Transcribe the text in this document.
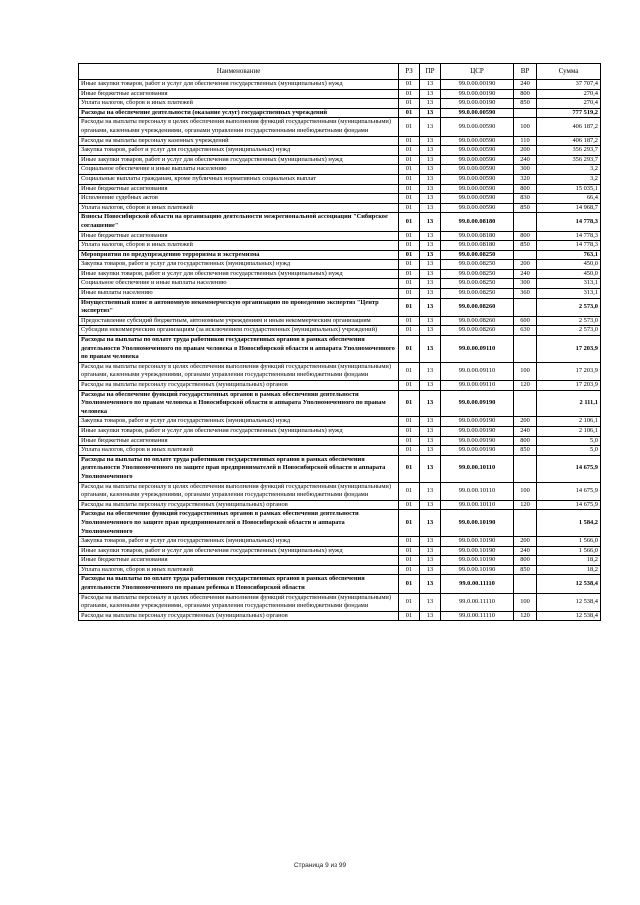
Наименование	РЗ	ПР	ЦСР	ВР	Сумма
Иные закупки товаров, работ и услуг для обеспечения государственных (муниципальных) нужд	01	13	99.0.00.00190	240	37 707,4
Иные бюджетные ассигнования	01	13	99.0.00.00190	800	270,4
Уплата налогов, сборов и иных платежей	01	13	99.0.00.00190	850	270,4
Расходы на обеспечение деятельности (оказание услуг) государственных учреждений	01	13	99.0.00.00590		777 519,2
Расходы на выплаты персоналу в целях обеспечения выполнения функций государственными (муниципальными) органами, казенными учреждениями, органами управления государственными внебюджетными фондами	01	13	99.0.00.00590	100	406 187,2
Расходы на выплаты персоналу казенных учреждений	01	13	99.0.00.00590	110	406 187,2
Закупка товаров, работ и услуг для государственных (муниципальных) нужд	01	13	99.0.00.00590	200	356 293,7
Иные закупки товаров, работ и услуг для обеспечения государственных (муниципальных) нужд	01	13	99.0.00.00590	240	356 293,7
Социальное обеспечение и иные выплаты населению	01	13	99.0.00.00590	300	3,2
Социальные выплаты гражданам, кроме публичных нормативных социальных выплат	01	13	99.0.00.00590	320	3,2
Иные бюджетные ассигнования	01	13	99.0.00.00590	800	15 035,1
Исполнение судебных актов	01	13	99.0.00.00590	830	66,4
Уплата налогов, сборов и иных платежей	01	13	99.0.00.00590	850	14 968,7
Взносы Новосибирской области на организацию деятельности межрегиональной ассоциации "Сибирское соглашение"	01	13	99.0.00.08180		14 778,3
Иные бюджетные ассигнования	01	13	99.0.00.08180	800	14 778,3
Уплата налогов, сборов и иных платежей	01	13	99.0.00.08180	850	14 778,3
Мероприятия по предупреждению терроризма и экстремизма	01	13	99.0.00.08250		763,1
Закупка товаров, работ и услуг для государственных (муниципальных) нужд	01	13	99.0.00.08250	200	450,0
Иные закупки товаров, работ и услуг для обеспечения государственных (муниципальных) нужд	01	13	99.0.00.08250	240	450,0
Социальное обеспечение и иные выплаты населению	01	13	99.0.00.08250	300	313,1
Иные выплаты населению	01	13	99.0.00.08250	360	313,1
Имущественный взнос в автономную некоммерческую организацию по проведению экспертиз "Центр экспертиз"	01	13	99.0.00.08260		2 573,0
Предоставление субсидий бюджетным, автономным учреждениям и иным некоммерческим организациям	01	13	99.0.00.08260	600	2 573,0
Субсидии некоммерческим организациям (за исключением государственных (муниципальных) учреждений)	01	13	99.0.00.08260	630	2 573,0
Расходы на выплаты по оплате труда работников государственных органов в рамках обеспечения деятельности Уполномоченного по правам человека в Новосибирской области и аппарата Уполномоченного по правам человека	01	13	99.0.00.09110		17 203,9
Расходы на выплаты персоналу в целях обеспечения выполнения функций государственными (муниципальными) органами, казенными учреждениями, органами управления государственными внебюджетными фондами	01	13	99.0.00.09110	100	17 203,9
Расходы на выплаты персоналу государственных (муниципальных) органов	01	13	99.0.00.09110	120	17 203,9
Расходы на обеспечение функций государственных органов в рамках обеспечения деятельности Уполномоченного по правам человека в Новосибирской области и аппарата Уполномоченного по правам человека	01	13	99.0.00.09190		2 111,1
Закупка товаров, работ и услуг для государственных (муниципальных) нужд	01	13	99.0.00.09190	200	2 106,1
Иные закупки товаров, работ и услуг для обеспечения государственных (муниципальных) нужд	01	13	99.0.00.09190	240	2 106,1
Иные бюджетные ассигнования	01	13	99.0.00.09190	800	5,0
Уплата налогов, сборов и иных платежей	01	13	99.0.00.09190	850	5,0
Расходы на выплаты по оплате труда работников государственных органов в рамках обеспечения деятельности Уполномоченного по защите прав предпринимателей в Новосибирской области и аппарата Уполномоченного	01	13	99.0.00.10110		14 675,9
Расходы на выплаты персоналу в целях обеспечения выполнения функций государственными (муниципальными) органами, казенными учреждениями, органами управления государственными внебюджетными фондами	01	13	99.0.00.10110	100	14 675,9
Расходы на выплаты персоналу государственных (муниципальных) органов	01	13	99.0.00.10110	120	14 675,9
Расходы на обеспечение функций государственных органов в рамках обеспечения деятельности Уполномоченного по защите прав предпринимателей в Новосибирской области и аппарата Уполномоченного	01	13	99.0.00.10190		1 584,2
Закупка товаров, работ и услуг для государственных (муниципальных) нужд	01	13	99.0.00.10190	200	1 566,0
Иные закупки товаров, работ и услуг для обеспечения государственных (муниципальных) нужд	01	13	99.0.00.10190	240	1 566,0
Иные бюджетные ассигнования	01	13	99.0.00.10190	800	18,2
Уплата налогов, сборов и иных платежей	01	13	99.0.00.10190	850	18,2
Расходы на выплаты по оплате труда работников государственных органов в рамках обеспечения деятельности Уполномоченного по правам ребенка в Новосибирской области	01	13	99.0.00.11110		12 538,4
Расходы на выплаты персоналу в целях обеспечения выполнения функций государственными (муниципальными) органами, казенными учреждениями, органами управления государственными внебюджетными фондами	01	13	99.0.00.11110	100	12 538,4
Расходы на выплаты персоналу государственных (муниципальных) органов	01	13	99.0.00.11110	120	12 538,4
Страница 9 из 99
